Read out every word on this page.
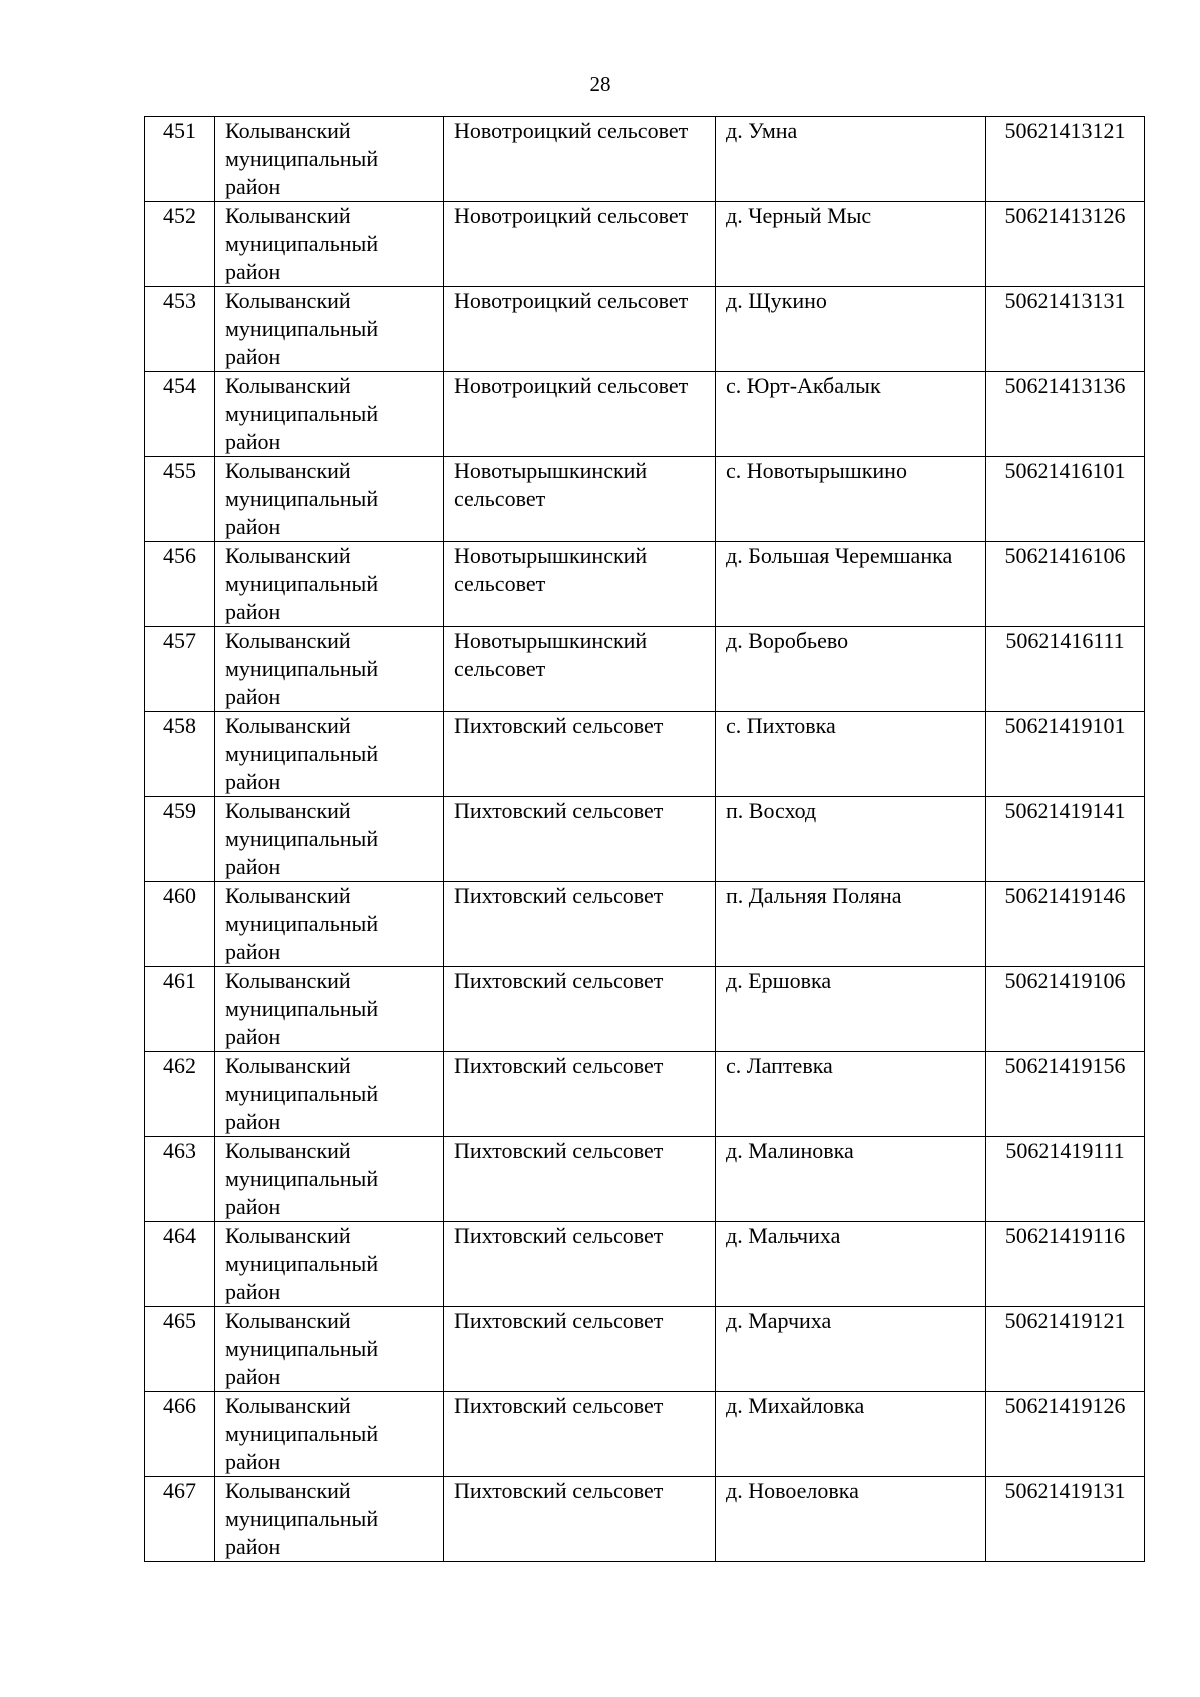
28
451	Колыванский муниципальный район	Новотроицкий сельсовет	д. Умна	50621413121
452	Колыванский муниципальный район	Новотроицкий сельсовет	д. Черный Мыс	50621413126
453	Колыванский муниципальный район	Новотроицкий сельсовет	д. Щукино	50621413131
454	Колыванский муниципальный район	Новотроицкий сельсовет	с. Юрт-Акбалык	50621413136
455	Колыванский муниципальный район	Новотырышкинский сельсовет	с. Новотырышкино	50621416101
456	Колыванский муниципальный район	Новотырышкинский сельсовет	д. Большая Черемшанка	50621416106
457	Колыванский муниципальный район	Новотырышкинский сельсовет	д. Воробьево	50621416111
458	Колыванский муниципальный район	Пихтовский сельсовет	с. Пихтовка	50621419101
459	Колыванский муниципальный район	Пихтовский сельсовет	п. Восход	50621419141
460	Колыванский муниципальный район	Пихтовский сельсовет	п. Дальняя Поляна	50621419146
461	Колыванский муниципальный район	Пихтовский сельсовет	д. Ершовка	50621419106
462	Колыванский муниципальный район	Пихтовский сельсовет	с. Лаптевка	50621419156
463	Колыванский муниципальный район	Пихтовский сельсовет	д. Малиновка	50621419111
464	Колыванский муниципальный район	Пихтовский сельсовет	д. Мальчиха	50621419116
465	Колыванский муниципальный район	Пихтовский сельсовет	д. Марчиха	50621419121
466	Колыванский муниципальный район	Пихтовский сельсовет	д. Михайловка	50621419126
467	Колыванский муниципальный район	Пихтовский сельсовет	д. Новоеловка	50621419131
